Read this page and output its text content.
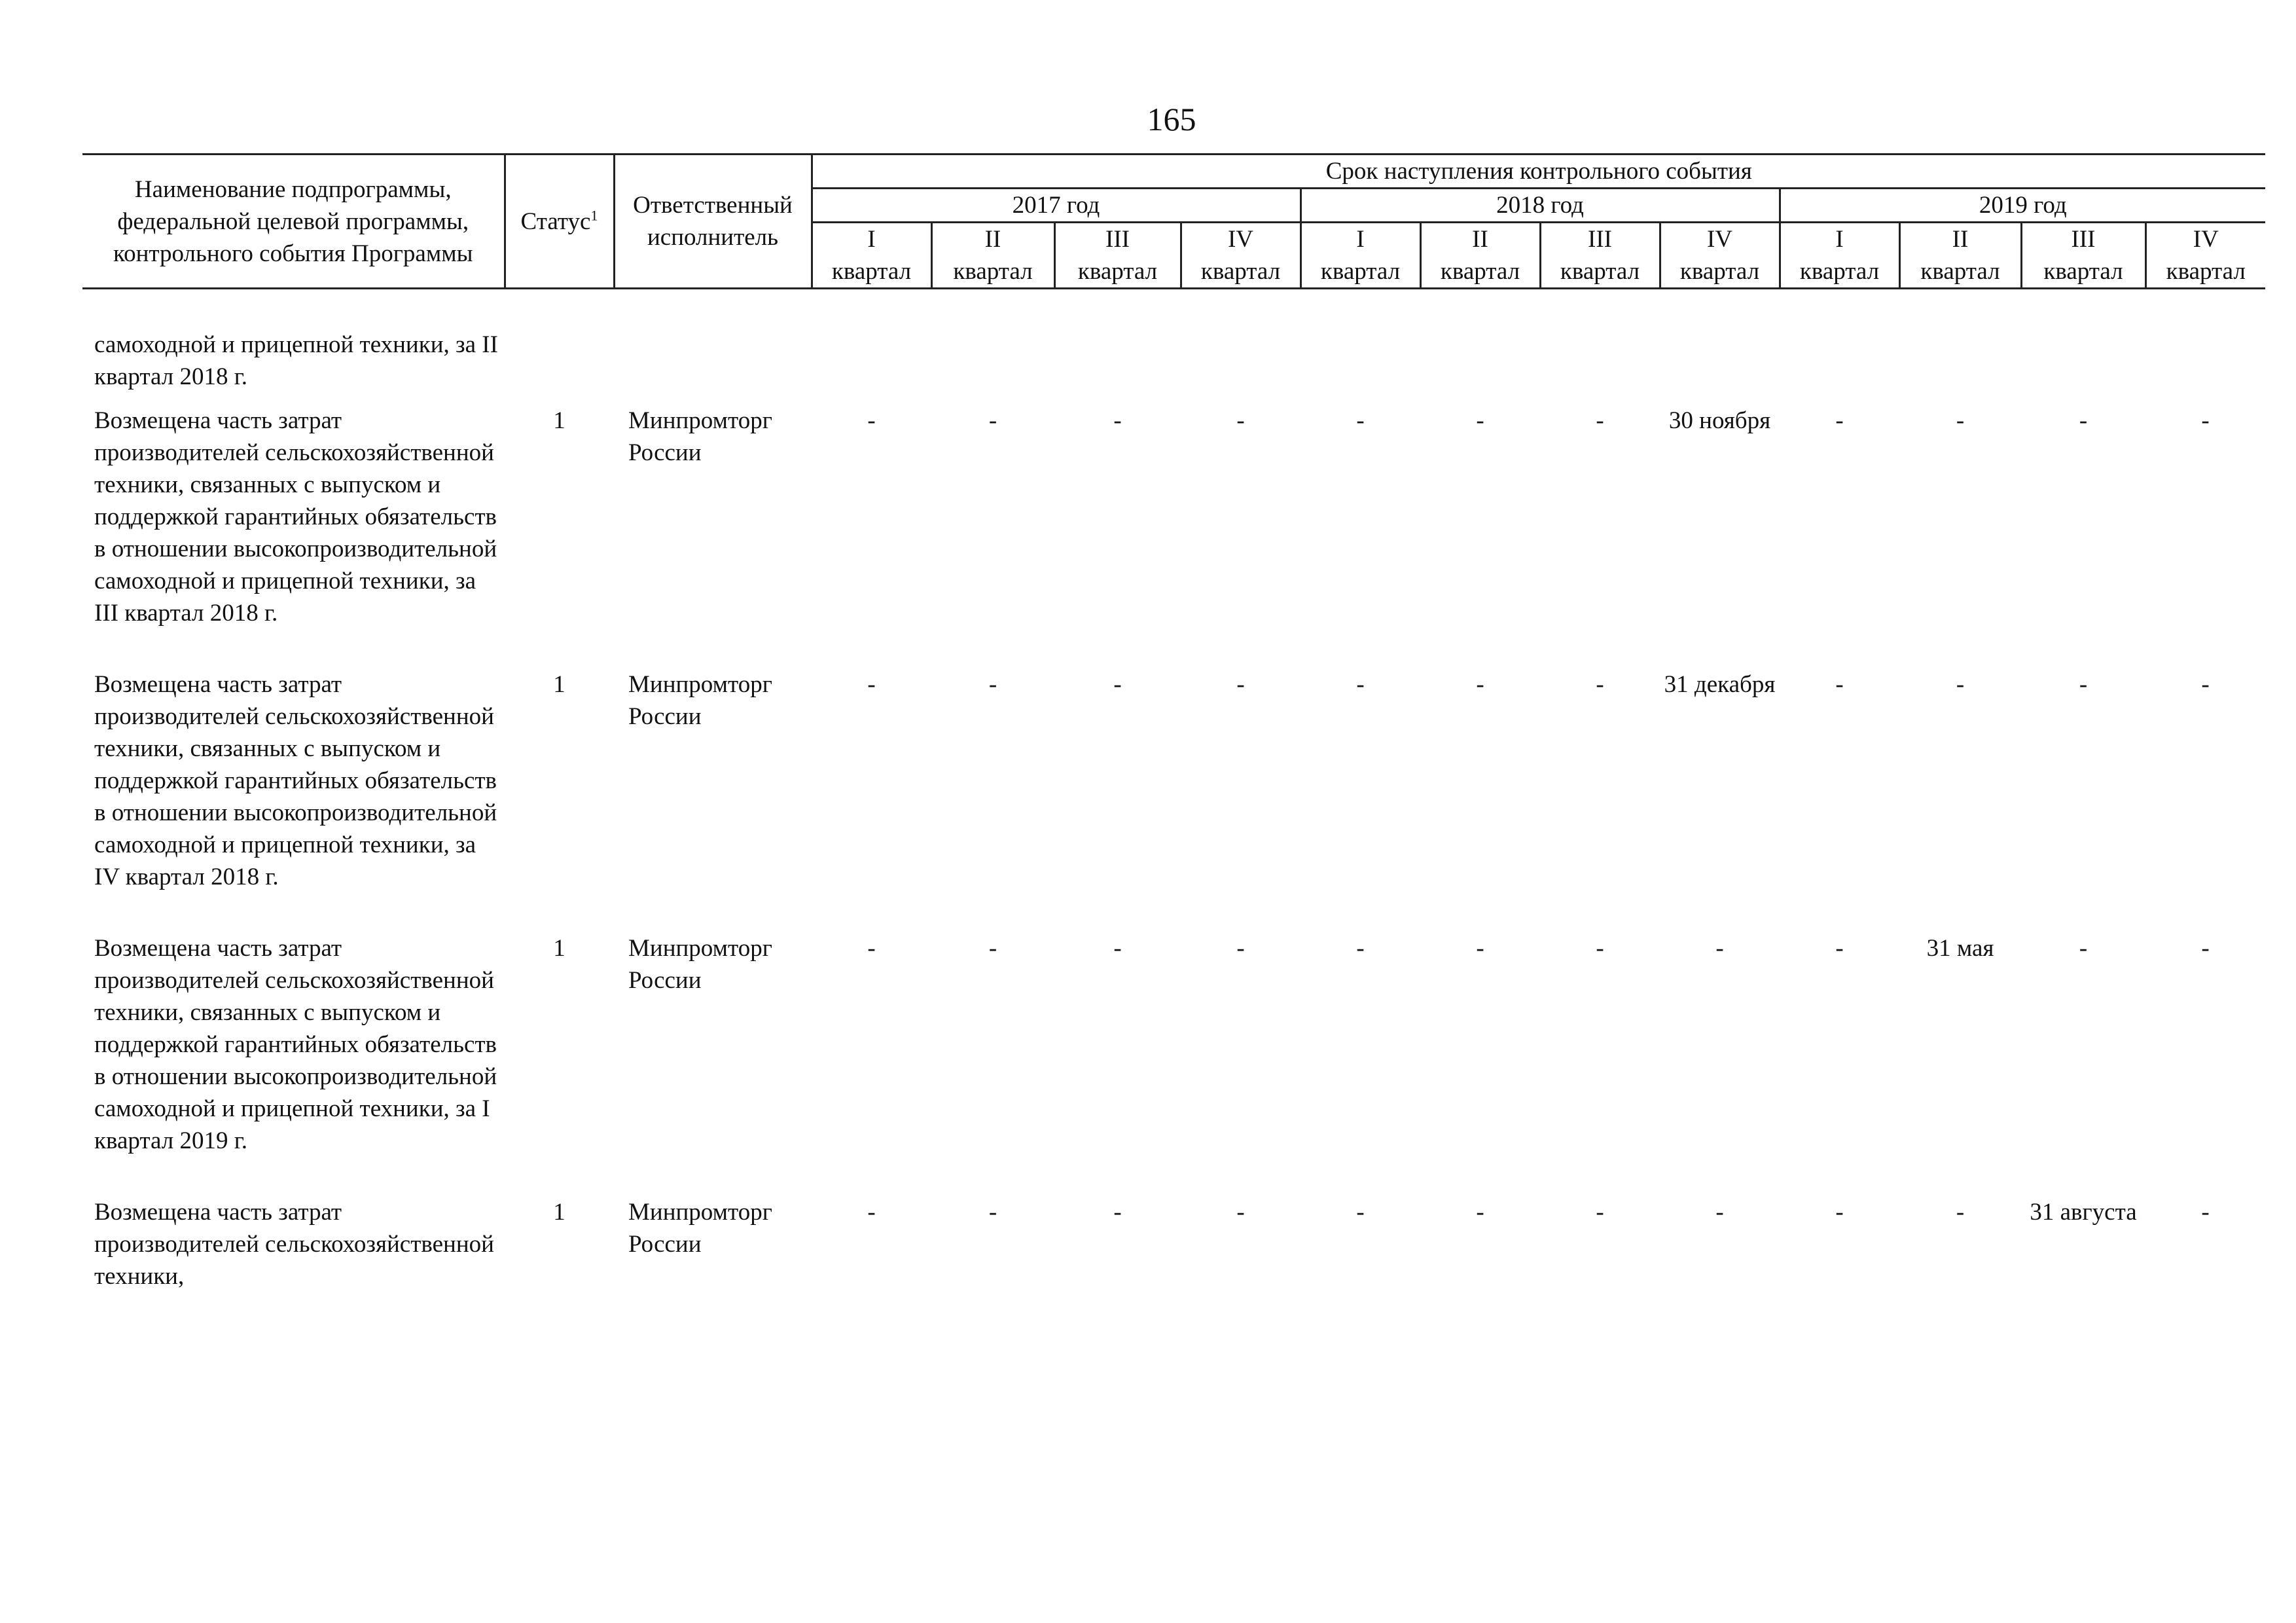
165
Наименование подпрограммы, федеральной целевой программы, контрольного события Программы	Статус$^1$	Ответственный исполнитель	Срок наступления контрольного события											
			2017 год				2018 год				2019 год			
			I	II	III	IV	I	II	III	IV	I	II	III	IV
			квартал	квартал	квартал	квартал	квартал	квартал	квартал	квартал	квартал	квартал	квартал	квартал

самоходной и прицепной техники, за II квартал 2018 г.														

Возмещена часть затрат производителей сельскохозяйственной техники, связанных с выпуском и поддержкой гарантийных обязательств в отношении высокопроизводительной самоходной и прицепной техники, за III квартал 2018 г.	1	Минпромторг России	-	-	-	-	-	-	-	30 ноября	-	-	-	-

Возмещена часть затрат производителей сельскохозяйственной техники, связанных с выпуском и поддержкой гарантийных обязательств в отношении высокопроизводительной самоходной и прицепной техники, за IV квартал 2018 г.	1	Минпромторг России	-	-	-	-	-	-	-	31 декабря	-	-	-	-

Возмещена часть затрат производителей сельскохозяйственной техники, связанных с выпуском и поддержкой гарантийных обязательств в отношении высокопроизводительной самоходной и прицепной техники, за I квартал 2019 г.	1	Минпромторг России	-	-	-	-	-	-	-	-	-	31 мая	-	-

Возмещена часть затрат производителей сельскохозяйственной техники,	1	Минпромторг России	-	-	-	-	-	-	-	-	-	-	31 августа	-
